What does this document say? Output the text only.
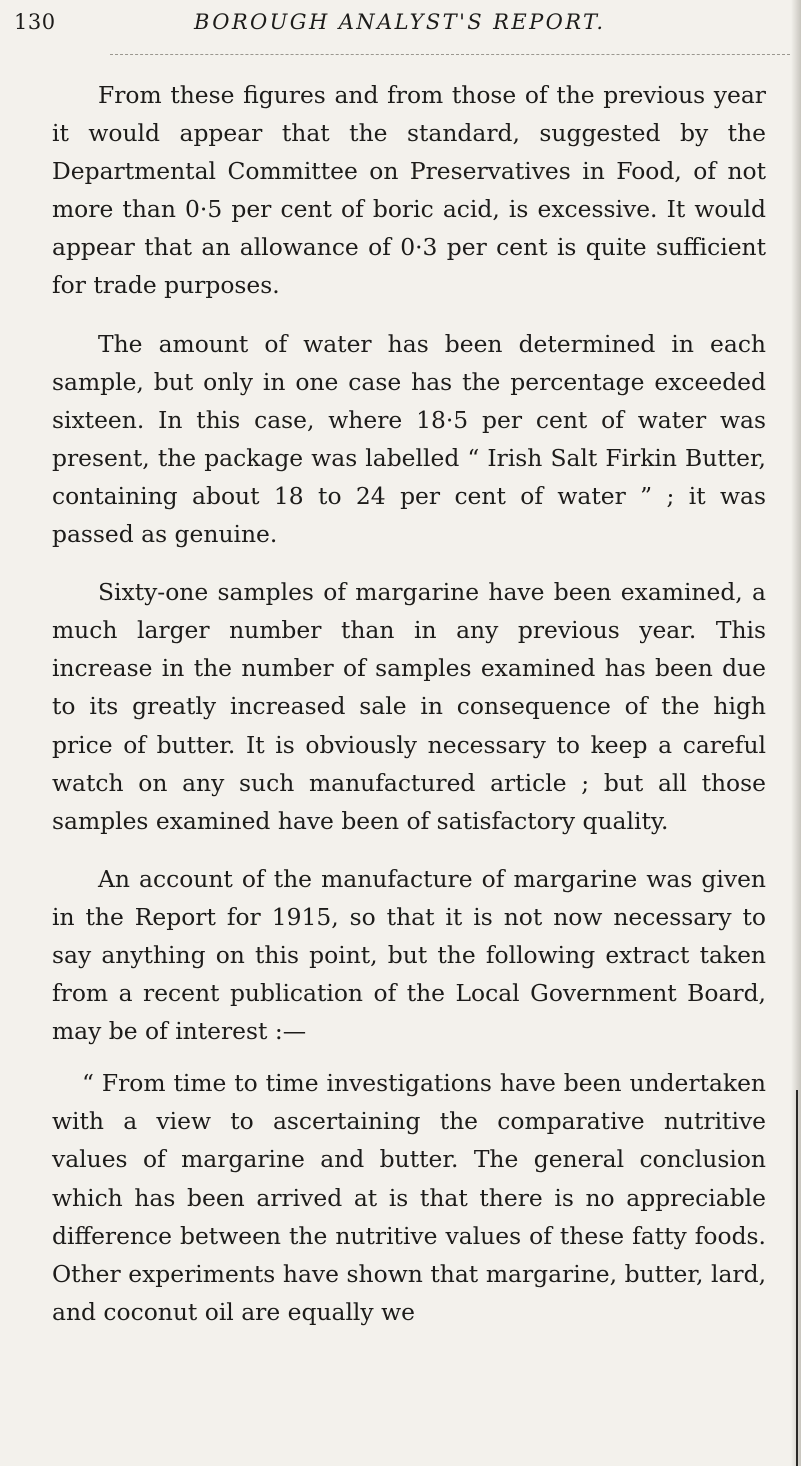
130	BOROUGH ANALYST'S REPORT.

From these figures and from those of the previous year it would appear that the standard, suggested by the Departmental Committee on Preservatives in Food, of not more than 0·5 per cent of boric acid, is excessive. It would appear that an allowance of 0·3 per cent is quite sufficient for trade purposes.

The amount of water has been determined in each sample, but only in one case has the percentage exceeded sixteen. In this case, where 18·5 per cent of water was present, the package was labelled “ Irish Salt Firkin Butter, containing about 18 to 24 per cent of water ” ; it was passed as genuine.

Sixty-one samples of margarine have been examined, a much larger number than in any previous year. This increase in the number of samples examined has been due to its greatly increased sale in consequence of the high price of butter. It is obviously necessary to keep a careful watch on any such manufactured article ; but all those samples examined have been of satisfactory quality.

An account of the manufacture of margarine was given in the Report for 1915, so that it is not now necessary to say anything on this point, but the following extract taken from a recent publication of the Local Government Board, may be of interest :—

“ From time to time investigations have been undertaken with a view to ascertaining the comparative nutritive values of margarine and butter. The general conclusion which has been arrived at is that there is no appreciable difference between the nutritive values of these fatty foods. Other experiments have shown that margarine, butter, lard, and coconut oil are equally we
